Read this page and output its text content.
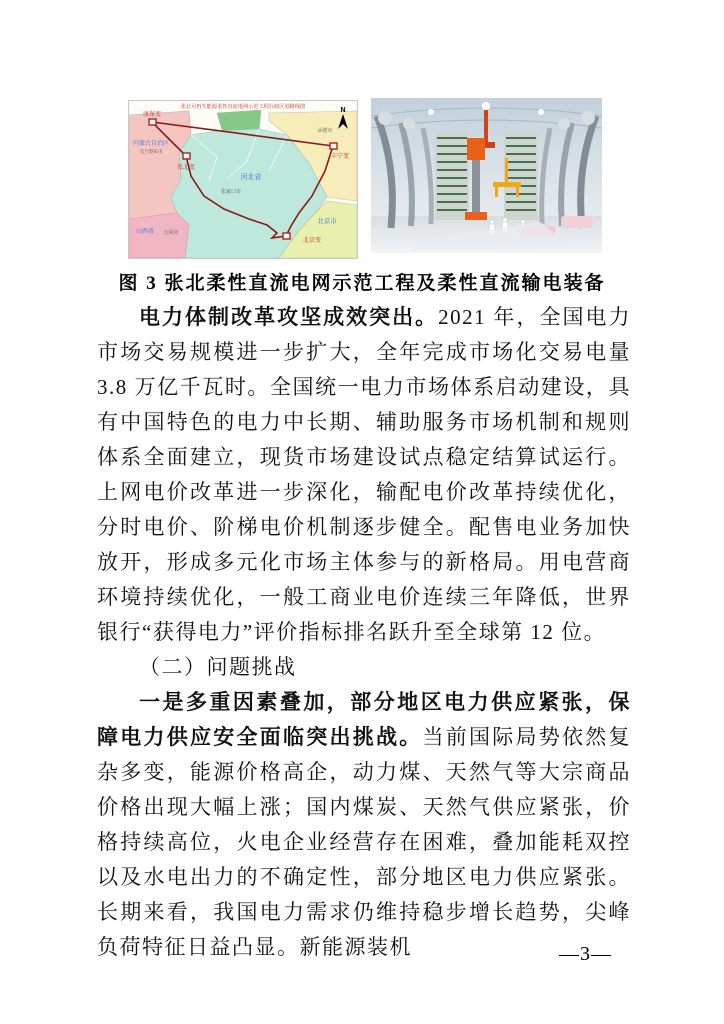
张北可再生能源柔性直流电网示范工程行政区划路线图
康保变
内蒙古自治区
乌兰察布市
张北变
河北省
张家口市
承德市
丰宁变
山西省 大同市
北京市
北京变
N
图 3 张北柔性直流电网示范工程及柔性直流输电装备

电力体制改革攻坚成效突出。2021 年，全国电力市场交易规模进一步扩大，全年完成市场化交易电量 3.8 万亿千瓦时。全国统一电力市场体系启动建设，具有中国特色的电力中长期、辅助服务市场机制和规则体系全面建立，现货市场建设试点稳定结算试运行。上网电价改革进一步深化，输配电价改革持续优化，分时电价、阶梯电价机制逐步健全。配售电业务加快放开，形成多元化市场主体参与的新格局。用电营商环境持续优化，一般工商业电价连续三年降低，世界银行“获得电力”评价指标排名跃升至全球第 12 位。

（二）问题挑战

一是多重因素叠加，部分地区电力供应紧张，保障电力供应安全面临突出挑战。当前国际局势依然复杂多变，能源价格高企，动力煤、天然气等大宗商品价格出现大幅上涨；国内煤炭、天然气供应紧张，价格持续高位，火电企业经营存在困难，叠加能耗双控以及水电出力的不确定性，部分地区电力供应紧张。长期来看，我国电力需求仍维持稳步增长趋势，尖峰负荷特征日益凸显。新能源装机	—3—
